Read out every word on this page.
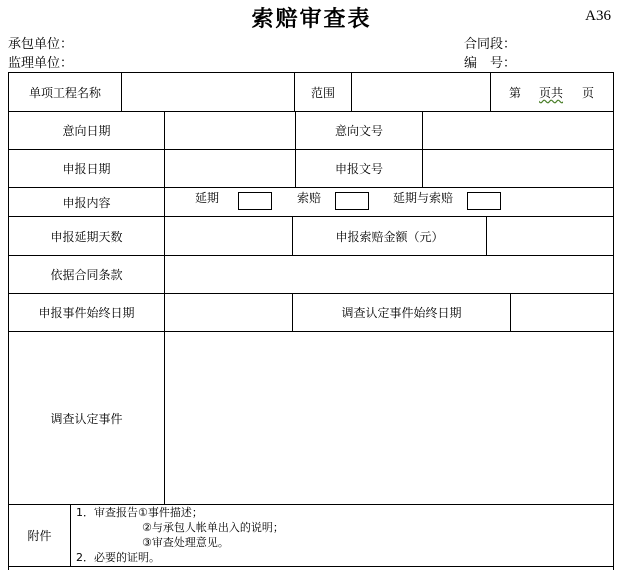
索赔审查表	A36
承包单位：
监理单位：
合同段：
编　号：
单项工程名称	范围	第 页共 页
意向日期	意向文号
申报日期	申报文号
申报内容	延期	索赔	延期与索赔
申报延期天数	申报索赔金额（元）
依据合同条款
申报事件始终日期	调查认定事件始终日期
调查认定事件
附件
1．审查报告①事件描述；
②与承包人帐单出入的说明；
③审查处理意见。
2．必要的证明。
